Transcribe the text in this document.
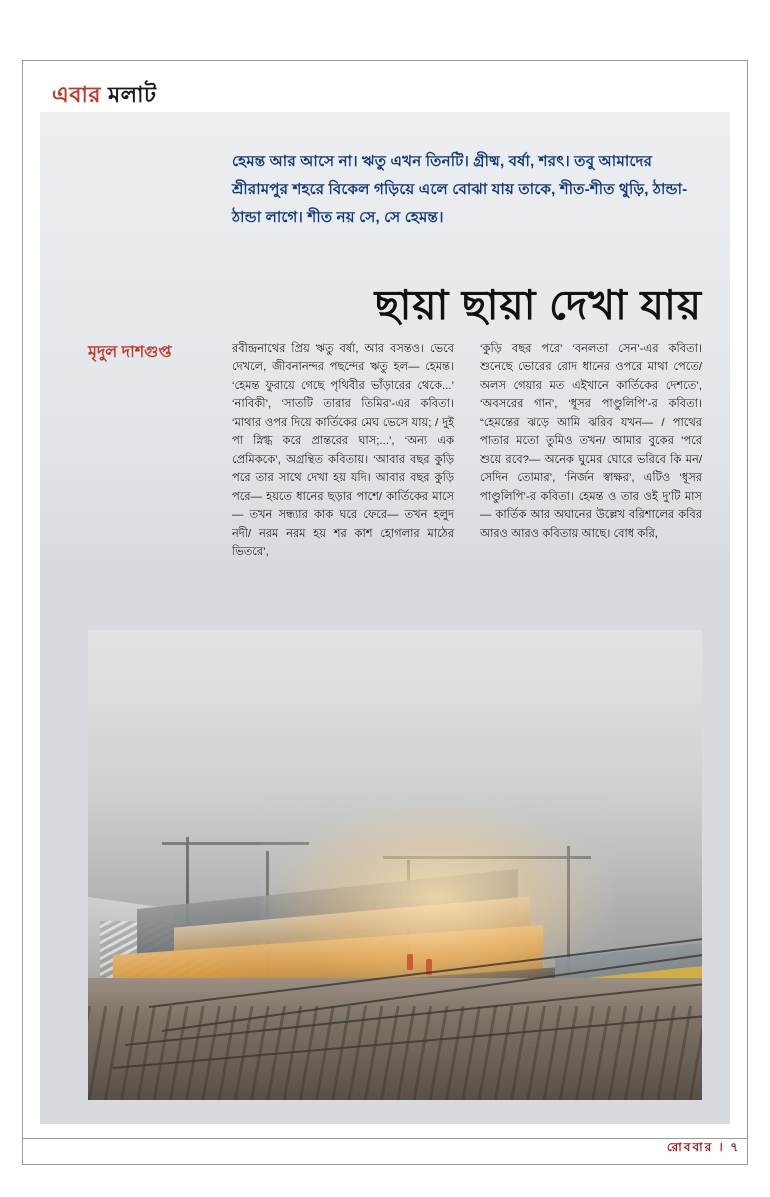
এবার মলাট
হেমন্ত আর আসে না। ঋতু এখন তিনটি। গ্রীষ্ম, বর্ষা, শরৎ। তবু আমাদের শ্রীরামপুর শহরে বিকেল গড়িয়ে এলে বোঝা যায় তাকে, শীত-শীত থুড়ি, ঠান্ডা-ঠান্ডা লাগে। শীত নয় সে, সে হেমন্ত।
ছায়া ছায়া দেখা যায়
মৃদুল দাশগুপ্ত	রবীন্দ্রনাথের প্রিয় ঋতু বর্ষা, আর বসন্তও। ভেবে দেখলে, জীবনানন্দর পছন্দের ঋতু হল— হেমন্ত। ‘হেমন্ত ফুরায়ে গেছে পৃথিবীর ভাঁড়ারের থেকে...’ ‘নাবিকী’, ‘সাতটি তারার তিমির’-এর কবিতা। ‘মাথার ওপর দিয়ে কার্তিকের মেঘ ভেসে যায়; / দুই পা স্নিগ্ধ করে প্রান্তরের ঘাস;...’, ‘অন্য এক প্রেমিককে’, অগ্রন্থিত কবিতায়। ‘আবার বছর কুড়ি পরে তার সাথে দেখা হয় যদি। আবার বছর কুড়ি পরে— হয়তে ধানের ছড়ার পাশে/ কার্তিকের মাসে— তখন সন্ধ্যার কাক ঘরে ফেরে— তখন হলুদ নদী/ নরম নরম হয় শর কাশ হোগলার মাঠের ভিতরে’,

‘কুড়ি বছর পরে’ ‘বনলতা সেন’-এর কবিতা। শুনেছে ভোরের রোদ ধানের ওপরে মাথা পেতে/ অলস গেয়ার মত এইখানে কার্তিকের দেশতে’, ‘অবসরের গান’, ‘ধূসর পাণ্ডুলিপি’-র কবিতা। “হেমন্তের ঝড়ে আমি ঝরিব যখন— / পাথের পাতার মতো তুমিও তখন/ আমার বুকের ’পরে শুয়ে রবে?— অনেক ঘুমের ঘোরে ভরিবে কি মন/ সেদিন তোমার’, ‘নির্জন স্বাক্ষর’, এটিও ‘ধূসর পাণ্ডুলিপি’-র কবিতা। হেমন্ত ও তার ওই দু’টি মাস— কার্তিক আর অঘানের উল্লেখ বরিশালের কবির আরও আরও কবিতায় আছে। বোধ করি,

রোববার । ৭
